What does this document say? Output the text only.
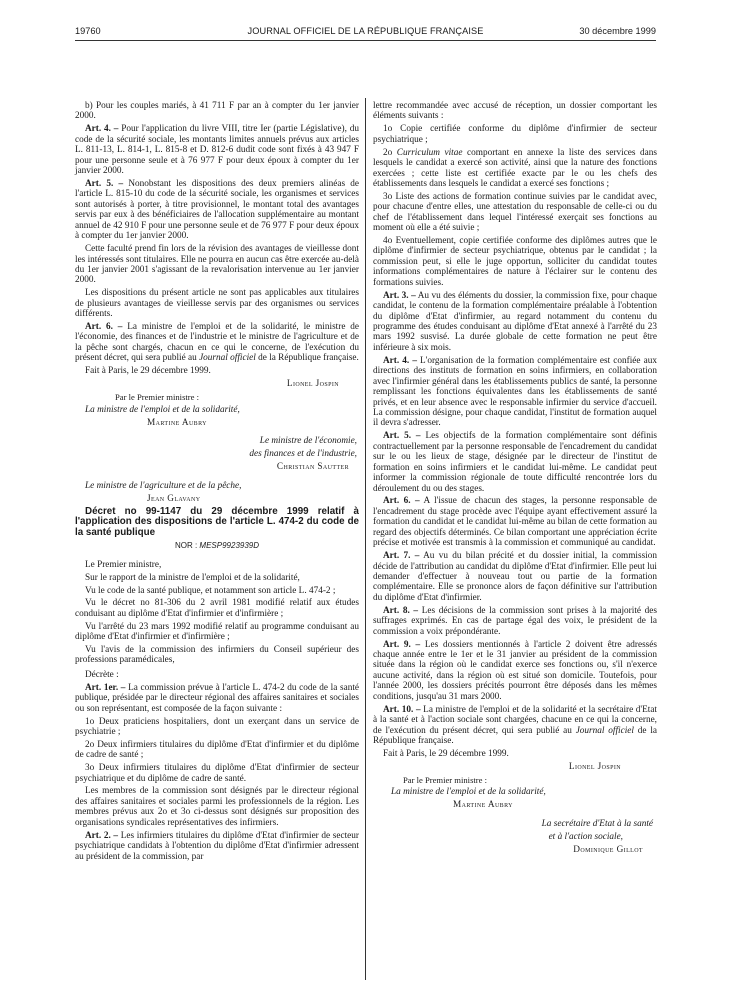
19760	JOURNAL OFFICIEL DE LA RÉPUBLIQUE FRANÇAISE	30 décembre 1999

b) Pour les couples mariés, à 41 711 F par an à compter du 1er janvier 2000.

Art. 4. – Pour l'application du livre VIII, titre Ier (partie Législative), du code de la sécurité sociale, les montants limites annuels prévus aux articles L. 811-13, L. 814-1, L. 815-8 et D. 812-6 dudit code sont fixés à 43 947 F pour une personne seule et à 76 977 F pour deux époux à compter du 1er janvier 2000.

Art. 5. – Nonobstant les dispositions des deux premiers alinéas de l'article L. 815-10 du code de la sécurité sociale, les organismes et services sont autorisés à porter, à titre provisionnel, le montant total des avantages servis par eux à des bénéficiaires de l'allocation supplémentaire au montant annuel de 42 910 F pour une personne seule et de 76 977 F pour deux époux à compter du 1er janvier 2000.

Cette faculté prend fin lors de la révision des avantages de vieillesse dont les intéressés sont titulaires. Elle ne pourra en aucun cas être exercée au-delà du 1er janvier 2001 s'agissant de la revalorisation intervenue au 1er janvier 2000.

Les dispositions du présent article ne sont pas applicables aux titulaires de plusieurs avantages de vieillesse servis par des organismes ou services différents.

Art. 6. – La ministre de l'emploi et de la solidarité, le ministre de l'économie, des finances et de l'industrie et le ministre de l'agriculture et de la pêche sont chargés, chacun en ce qui le concerne, de l'exécution du présent décret, qui sera publié au Journal officiel de la République française.

Fait à Paris, le 29 décembre 1999.

Lionel Jospin

Par le Premier ministre :

La ministre de l'emploi et de la solidarité,

Martine Aubry

Le ministre de l'économie,

des finances et de l'industrie,

Christian Sautter

Le ministre de l'agriculture et de la pêche,

Jean Glavany

Décret no 99-1147 du 29 décembre 1999 relatif à l'application des dispositions de l'article L. 474-2 du code de la santé publique

NOR : MESP9923939D

Le Premier ministre,

Sur le rapport de la ministre de l'emploi et de la solidarité,

Vu le code de la santé publique, et notamment son article L. 474-2 ;

Vu le décret no 81-306 du 2 avril 1981 modifié relatif aux études conduisant au diplôme d'Etat d'infirmier et d'infirmière ;

Vu l'arrêté du 23 mars 1992 modifié relatif au programme conduisant au diplôme d'Etat d'infirmier et d'infirmière ;

Vu l'avis de la commission des infirmiers du Conseil supérieur des professions paramédicales,

Décrète :

Art. 1er. – La commission prévue à l'article L. 474-2 du code de la santé publique, présidée par le directeur régional des affaires sanitaires et sociales ou son représentant, est composée de la façon suivante :

1o Deux praticiens hospitaliers, dont un exerçant dans un service de psychiatrie ;

2o Deux infirmiers titulaires du diplôme d'Etat d'infirmier et du diplôme de cadre de santé ;

3o Deux infirmiers titulaires du diplôme d'Etat d'infirmier de secteur psychiatrique et du diplôme de cadre de santé.

Les membres de la commission sont désignés par le directeur régional des affaires sanitaires et sociales parmi les professionnels de la région. Les membres prévus aux 2o et 3o ci-dessus sont désignés sur proposition des organisations syndicales représentatives des infirmiers.

Art. 2. – Les infirmiers titulaires du diplôme d'Etat d'infirmier de secteur psychiatrique candidats à l'obtention du diplôme d'Etat d'infirmier adressent au président de la commission, par

lettre recommandée avec accusé de réception, un dossier comportant les éléments suivants :

1o Copie certifiée conforme du diplôme d'infirmier de secteur psychiatrique ;

2o Curriculum vitae comportant en annexe la liste des services dans lesquels le candidat a exercé son activité, ainsi que la nature des fonctions exercées ; cette liste est certifiée exacte par le ou les chefs des établissements dans lesquels le candidat a exercé ses fonctions ;

3o Liste des actions de formation continue suivies par le candidat avec, pour chacune d'entre elles, une attestation du responsable de celle-ci ou du chef de l'établissement dans lequel l'intéressé exerçait ses fonctions au moment où elle a été suivie ;

4o Eventuellement, copie certifiée conforme des diplômes autres que le diplôme d'infirmier de secteur psychiatrique, obtenus par le candidat ; la commission peut, si elle le juge opportun, solliciter du candidat toutes informations complémentaires de nature à l'éclairer sur le contenu des formations suivies.

Art. 3. – Au vu des éléments du dossier, la commission fixe, pour chaque candidat, le contenu de la formation complémentaire préalable à l'obtention du diplôme d'Etat d'infirmier, au regard notamment du contenu du programme des études conduisant au diplôme d'Etat annexé à l'arrêté du 23 mars 1992 susvisé. La durée globale de cette formation ne peut être inférieure à six mois.

Art. 4. – L'organisation de la formation complémentaire est confiée aux directions des instituts de formation en soins infirmiers, en collaboration avec l'infirmier général dans les établissements publics de santé, la personne remplissant les fonctions équivalentes dans les établissements de santé privés, et en leur absence avec le responsable infirmier du service d'accueil. La commission désigne, pour chaque candidat, l'institut de formation auquel il devra s'adresser.

Art. 5. – Les objectifs de la formation complémentaire sont définis contractuellement par la personne responsable de l'encadrement du candidat sur le ou les lieux de stage, désignée par le directeur de l'institut de formation en soins infirmiers et le candidat lui-même. Le candidat peut informer la commission régionale de toute difficulté rencontrée lors du déroulement du ou des stages.

Art. 6. – A l'issue de chacun des stages, la personne responsable de l'encadrement du stage procède avec l'équipe ayant effectivement assuré la formation du candidat et le candidat lui-même au bilan de cette formation au regard des objectifs déterminés. Ce bilan comportant une appréciation écrite précise et motivée est transmis à la commission et communiqué au candidat.

Art. 7. – Au vu du bilan précité et du dossier initial, la commission décide de l'attribution au candidat du diplôme d'Etat d'infirmier. Elle peut lui demander d'effectuer à nouveau tout ou partie de la formation complémentaire. Elle se prononce alors de façon définitive sur l'attribution du diplôme d'Etat d'infirmier.

Art. 8. – Les décisions de la commission sont prises à la majorité des suffrages exprimés. En cas de partage égal des voix, le président de la commission a voix prépondérante.

Art. 9. – Les dossiers mentionnés à l'article 2 doivent être adressés chaque année entre le 1er et le 31 janvier au président de la commission située dans la région où le candidat exerce ses fonctions ou, s'il n'exerce aucune activité, dans la région où est situé son domicile. Toutefois, pour l'année 2000, les dossiers précités pourront être déposés dans les mêmes conditions, jusqu'au 31 mars 2000.

Art. 10. – La ministre de l'emploi et de la solidarité et la secrétaire d'Etat à la santé et à l'action sociale sont chargées, chacune en ce qui la concerne, de l'exécution du présent décret, qui sera publié au Journal officiel de la République française.

Fait à Paris, le 29 décembre 1999.

Lionel Jospin

Par le Premier ministre :

La ministre de l'emploi et de la solidarité,

Martine Aubry

La secrétaire d'Etat à la santé

et à l'action sociale,

Dominique Gillot
